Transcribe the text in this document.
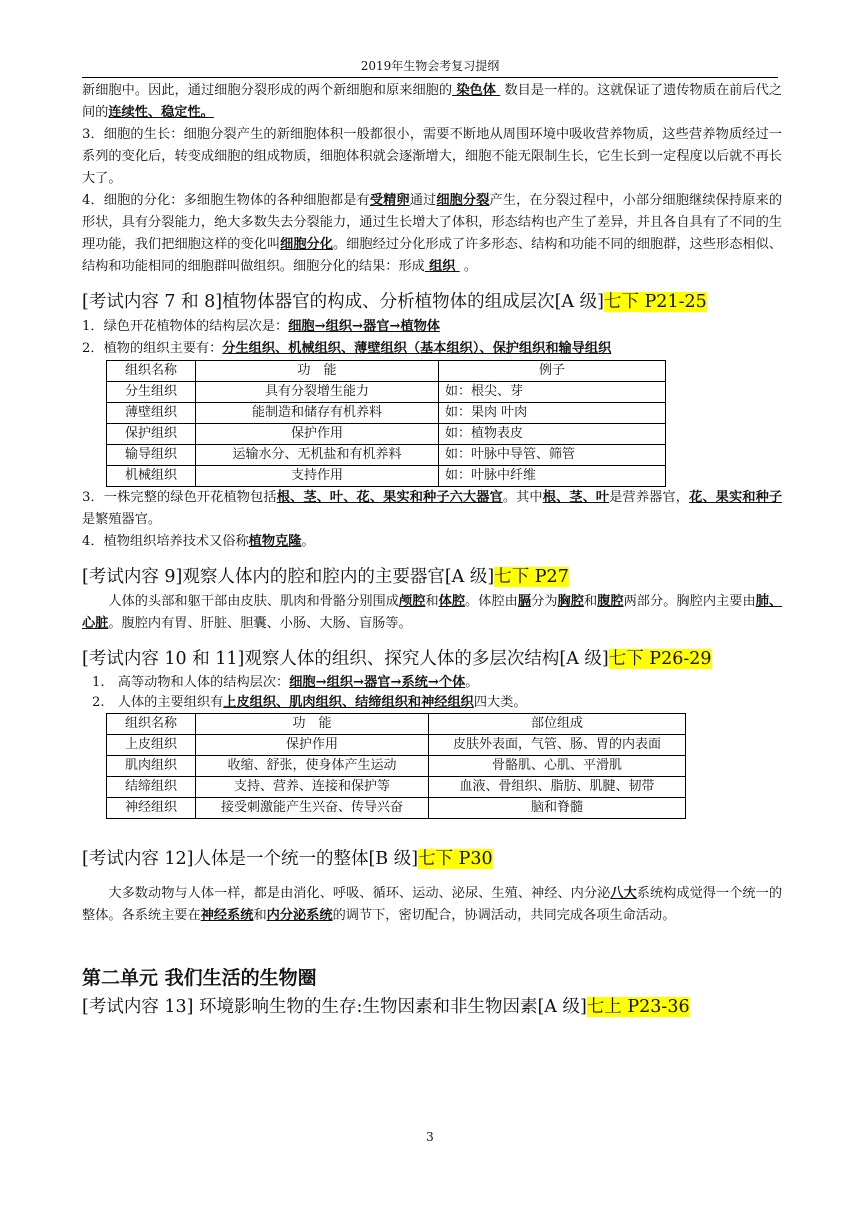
2019年生物会考复习提纲

新细胞中。因此，通过细胞分裂形成的两个新细胞和原来细胞的 染色体 数目是一样的。这就保证了遗传物质在前后代之间的连续性、稳定性。

3．细胞的生长：细胞分裂产生的新细胞体积一般都很小，需要不断地从周围环境中吸收营养物质，这些营养物质经过一系列的变化后，转变成细胞的组成物质，细胞体积就会逐渐增大，细胞不能无限制生长，它生长到一定程度以后就不再长大了。

4．细胞的分化：多细胞生物体的各种细胞都是有受精卵通过细胞分裂产生，在分裂过程中，小部分细胞继续保持原来的形状，具有分裂能力，绝大多数失去分裂能力，通过生长增大了体积，形态结构也产生了差异，并且各自具有了不同的生理功能，我们把细胞这样的变化叫细胞分化。细胞经过分化形成了许多形态、结构和功能不同的细胞群，这些形态相似、结构和功能相同的细胞群叫做组织。细胞分化的结果：形成 组织 。

[考试内容 7 和 8]植物体器官的构成、分析植物体的组成层次[A 级]七下 P21-25

1．绿色开花植物体的结构层次是：细胞→组织→器官→植物体

2．植物的组织主要有：分生组织、机械组织、薄壁组织（基本组织）、保护组织和输导组织

组织名称	功　能	例子
分生组织	具有分裂增生能力	如：根尖、芽
薄壁组织	能制造和储存有机养料	如：果肉 叶肉
保护组织	保护作用	如：植物表皮
输导组织	运输水分、无机盐和有机养料	如：叶脉中导管、筛管
机械组织	支持作用	如：叶脉中纤维

3．一株完整的绿色开花植物包括根、茎、叶、花、果实和种子六大器官。其中根、茎、叶是营养器官，花、果实和种子是繁殖器官。

4．植物组织培养技术又俗称植物克隆。

[考试内容 9]观察人体内的腔和腔内的主要器官[A 级]七下 P27

人体的头部和躯干部由皮肤、肌肉和骨骼分别围成颅腔和体腔。体腔由膈分为胸腔和腹腔两部分。胸腔内主要由肺、心脏。腹腔内有胃、肝脏、胆囊、小肠、大肠、盲肠等。

[考试内容 10 和 11]观察人体的组织、探究人体的多层次结构[A 级]七下 P26-29

1.　高等动物和人体的结构层次：细胞→组织→器官→系统→个体。

2.　人体的主要组织有上皮组织、肌肉组织、结缔组织和神经组织四大类。

组织名称	功　能	部位组成
上皮组织	保护作用	皮肤外表面，气管、肠、胃的内表面
肌肉组织	收缩、舒张，使身体产生运动	骨骼肌、心肌、平滑肌
结缔组织	支持、营养、连接和保护等	血液、骨组织、脂肪、肌腱、韧带
神经组织	接受刺激能产生兴奋、传导兴奋	脑和脊髓
[考试内容 12]人体是一个统一的整体[B 级]七下 P30

大多数动物与人体一样，都是由消化、呼吸、循环、运动、泌尿、生殖、神经、内分泌八大系统构成觉得一个统一的整体。各系统主要在神经系统和内分泌系统的调节下，密切配合，协调活动，共同完成各项生命活动。

第二单元 我们生活的生物圈
[考试内容 13] 环境影响生物的生存:生物因素和非生物因素[A 级]七上 P23-36
3
